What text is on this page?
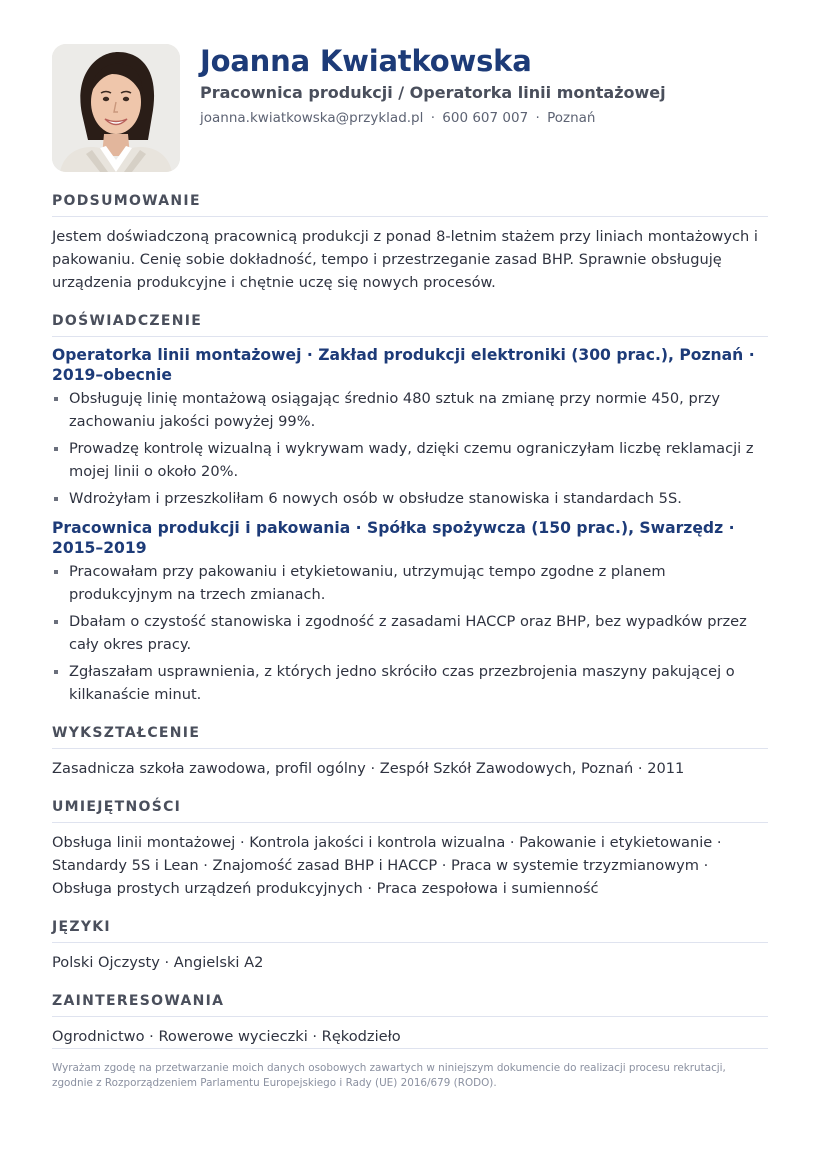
Joanna Kwiatkowska
Pracownica produkcji / Operatorka linii montażowej
joanna.kwiatkowska@przyklad.pl · 600 607 007 · Poznań
PODSUMOWANIE
Jestem doświadczoną pracownicą produkcji z ponad 8-letnim stażem przy liniach montażowych i pakowaniu. Cenię sobie dokładność, tempo i przestrzeganie zasad BHP. Sprawnie obsługuję urządzenia produkcyjne i chętnie uczę się nowych procesów.
DOŚWIADCZENIE
Operatorka linii montażowej · Zakład produkcji elektroniki (300 prac.), Poznań · 2019–obecnie
Obsługuję linię montażową osiągając średnio 480 sztuk na zmianę przy normie 450, przy zachowaniu jakości powyżej 99%.
Prowadzę kontrolę wizualną i wykrywam wady, dzięki czemu ograniczyłam liczbę reklamacji z mojej linii o około 20%.
Wdrożyłam i przeszkoliłam 6 nowych osób w obsłudze stanowiska i standardach 5S.
Pracownica produkcji i pakowania · Spółka spożywcza (150 prac.), Swarzędz · 2015–2019
Pracowałam przy pakowaniu i etykietowaniu, utrzymując tempo zgodne z planem produkcyjnym na trzech zmianach.
Dbałam o czystość stanowiska i zgodność z zasadami HACCP oraz BHP, bez wypadków przez cały okres pracy.
Zgłaszałam usprawnienia, z których jedno skróciło czas przezbrojenia maszyny pakującej o kilkanaście minut.
WYKSZTAŁCENIE
Zasadnicza szkoła zawodowa, profil ogólny · Zespół Szkół Zawodowych, Poznań · 2011
UMIEJĘTNOŚCI
Obsługa linii montażowej · Kontrola jakości i kontrola wizualna · Pakowanie i etykietowanie · Standardy 5S i Lean · Znajomość zasad BHP i HACCP · Praca w systemie trzyzmianowym · Obsługa prostych urządzeń produkcyjnych · Praca zespołowa i sumienność
JĘZYKI
Polski Ojczysty · Angielski A2
ZAINTERESOWANIA
Ogrodnictwo · Rowerowe wycieczki · Rękodzieło
Wyrażam zgodę na przetwarzanie moich danych osobowych zawartych w niniejszym dokumencie do realizacji procesu rekrutacji, zgodnie z Rozporządzeniem Parlamentu Europejskiego i Rady (UE) 2016/679 (RODO).
